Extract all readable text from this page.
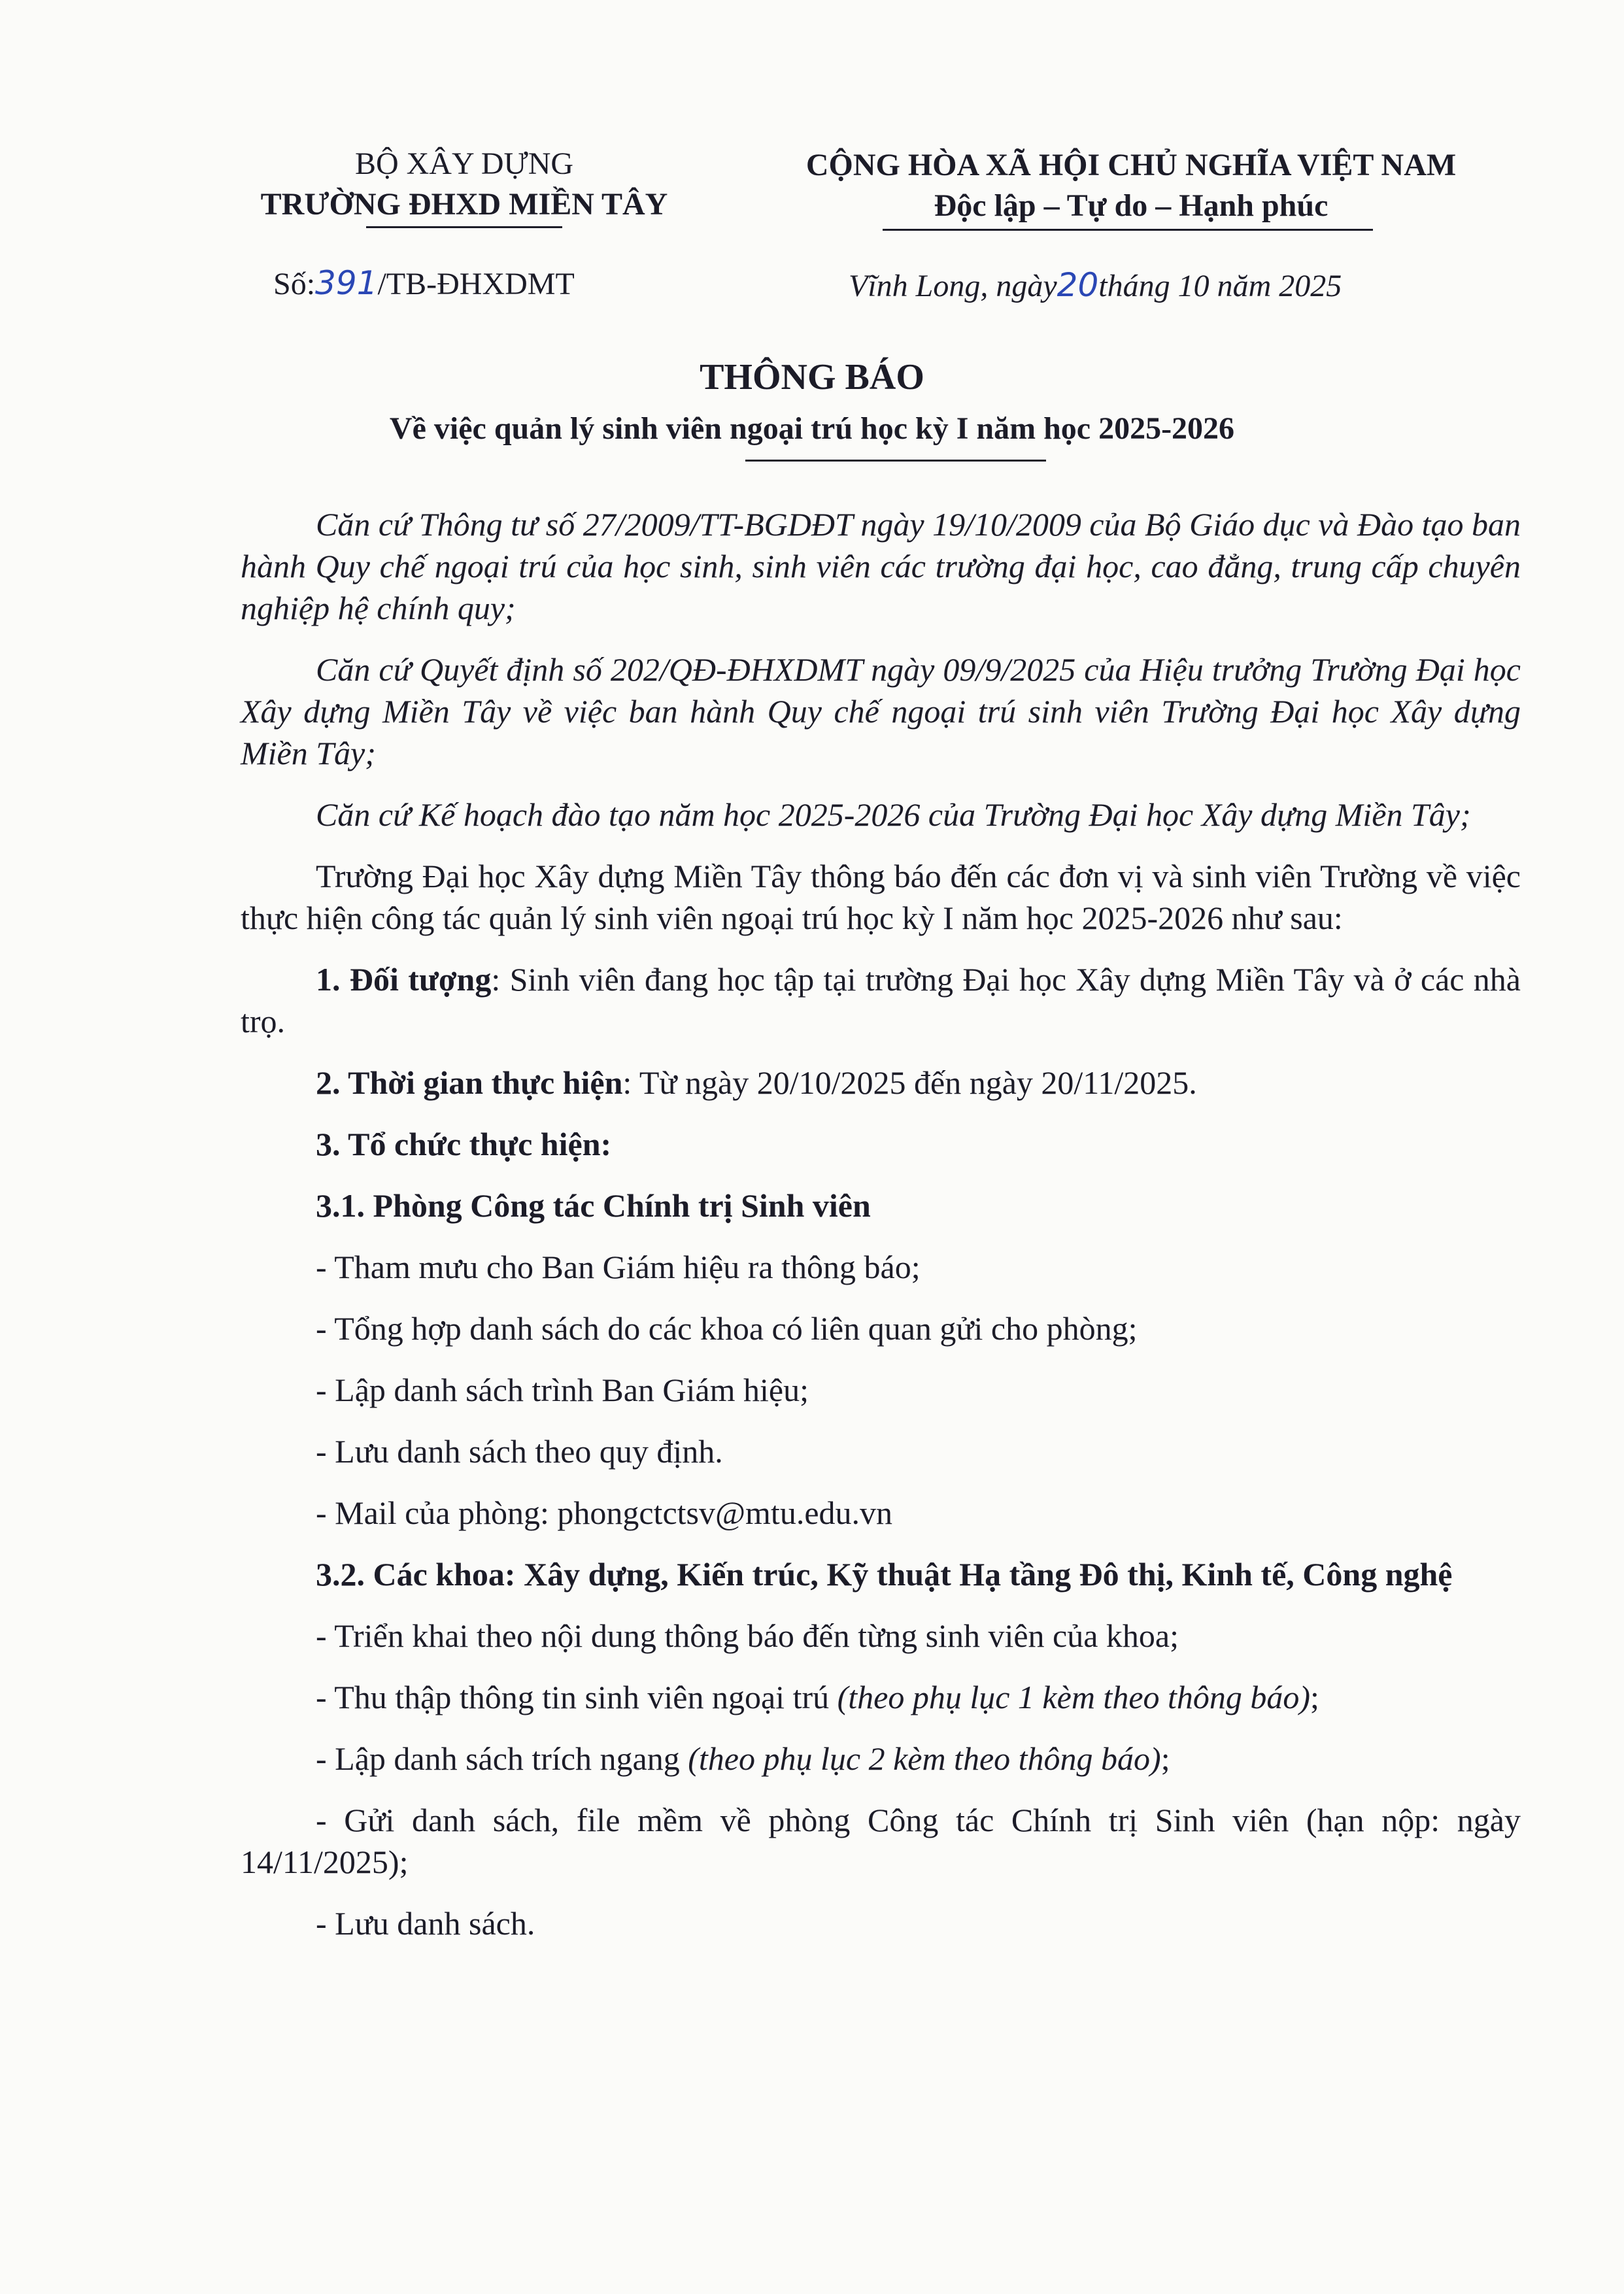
BỘ XÂY DỰNG
TRƯỜNG ĐHXD MIỀN TÂY
Số:391/TB-ĐHXDMT
CỘNG HÒA XÃ HỘI CHỦ NGHĨA VIỆT NAM
Độc lập – Tự do – Hạnh phúc
Vĩnh Long, ngày20tháng 10 năm 2025
THÔNG BÁO
Về việc quản lý sinh viên ngoại trú học kỳ I năm học 2025-2026

Căn cứ Thông tư số 27/2009/TT-BGDĐT ngày 19/10/2009 của Bộ Giáo dục và Đào tạo ban hành Quy chế ngoại trú của học sinh, sinh viên các trường đại học, cao đẳng, trung cấp chuyên nghiệp hệ chính quy;

Căn cứ Quyết định số 202/QĐ-ĐHXDMT ngày 09/9/2025 của Hiệu trưởng Trường Đại học Xây dựng Miền Tây về việc ban hành Quy chế ngoại trú sinh viên Trường Đại học Xây dựng Miền Tây;

Căn cứ Kế hoạch đào tạo năm học 2025-2026 của Trường Đại học Xây dựng Miền Tây;

Trường Đại học Xây dựng Miền Tây thông báo đến các đơn vị và sinh viên Trường về việc thực hiện công tác quản lý sinh viên ngoại trú học kỳ I năm học 2025-2026 như sau:

1. Đối tượng: Sinh viên đang học tập tại trường Đại học Xây dựng Miền Tây và ở các nhà trọ.

2. Thời gian thực hiện: Từ ngày 20/10/2025 đến ngày 20/11/2025.

3. Tổ chức thực hiện:

3.1. Phòng Công tác Chính trị Sinh viên

- Tham mưu cho Ban Giám hiệu ra thông báo;

- Tổng hợp danh sách do các khoa có liên quan gửi cho phòng;

- Lập danh sách trình Ban Giám hiệu;

- Lưu danh sách theo quy định.

- Mail của phòng: phongctctsv@mtu.edu.vn

3.2. Các khoa: Xây dựng, Kiến trúc, Kỹ thuật Hạ tầng Đô thị, Kinh tế, Công nghệ

- Triển khai theo nội dung thông báo đến từng sinh viên của khoa;

- Thu thập thông tin sinh viên ngoại trú (theo phụ lục 1 kèm theo thông báo);

- Lập danh sách trích ngang (theo phụ lục 2 kèm theo thông báo);

- Gửi danh sách, file mềm về phòng Công tác Chính trị Sinh viên (hạn nộp: ngày 14/11/2025);

- Lưu danh sách.
